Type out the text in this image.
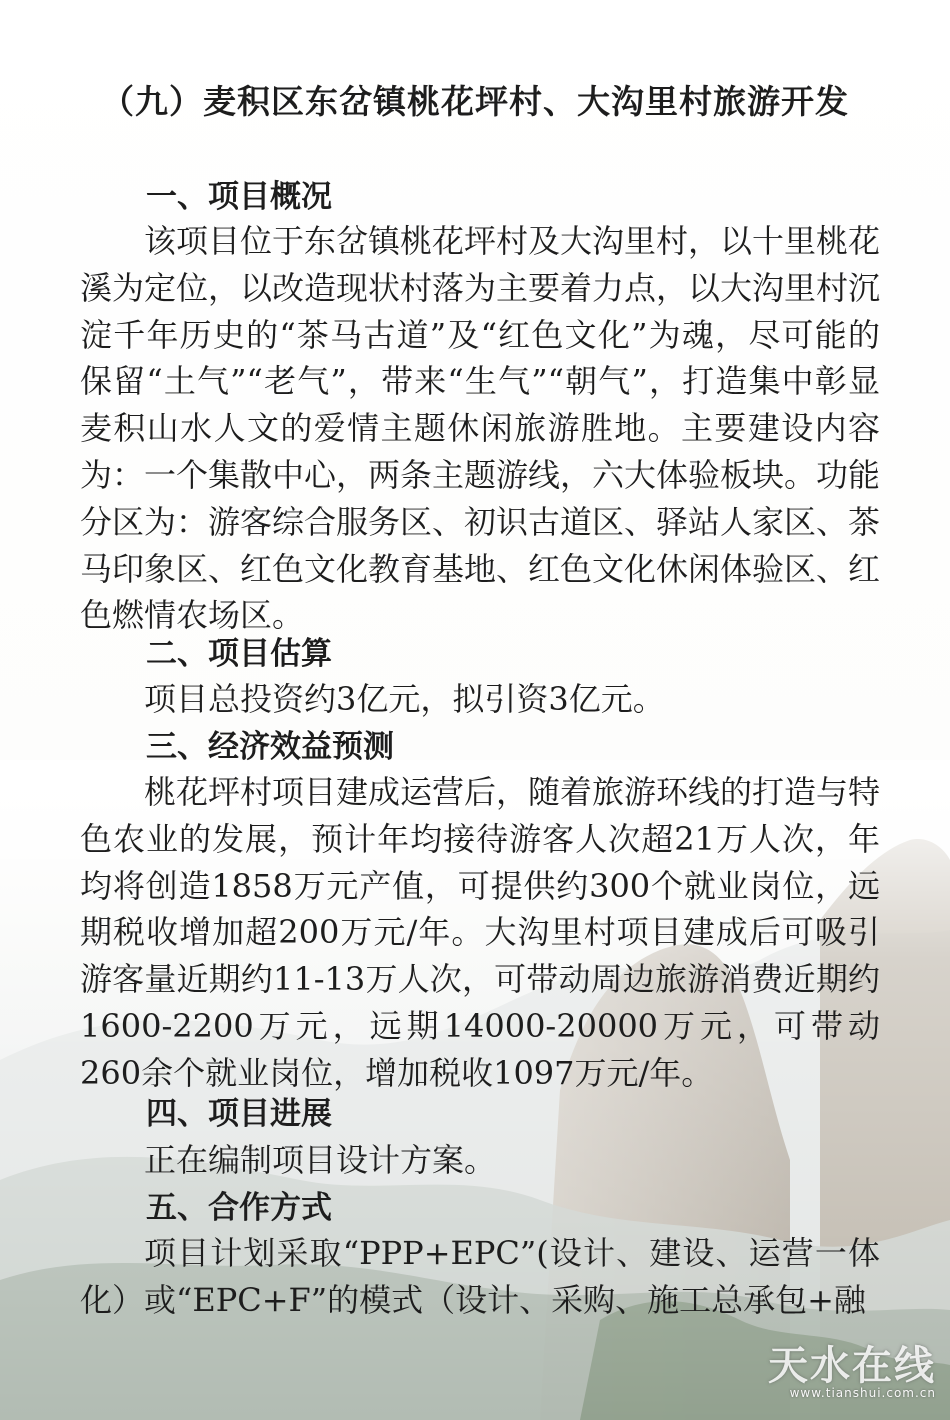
（九）麦积区东岔镇桃花坪村、大沟里村旅游开发
一、项目概况

该项目位于东岔镇桃花坪村及大沟里村，以十里桃花溪为定位，以改造现状村落为主要着力点，以大沟里村沉淀千年历史的“茶马古道”及“红色文化”为魂，尽可能的保留“土气”“老气”，带来“生气”“朝气”，打造集中彰显麦积山水人文的爱情主题休闲旅游胜地。主要建设内容为：一个集散中心，两条主题游线，六大体验板块。功能分区为：游客综合服务区、初识古道区、驿站人家区、茶马印象区、红色文化教育基地、红色文化休闲体验区、红色燃情农场区。

二、项目估算

项目总投资约3亿元，拟引资3亿元。

三、经济效益预测

桃花坪村项目建成运营后，随着旅游环线的打造与特色农业的发展，预计年均接待游客人次超21万人次，年均将创造1858万元产值，可提供约300个就业岗位，远期税收增加超200万元/年。大沟里村项目建成后可吸引游客量近期约11-13万人次，可带动周边旅游消费近期约1600-2200万元，远期14000-20000万元，可带动260余个就业岗位，增加税收1097万元/年。

四、项目进展

正在编制项目设计方案。

五、合作方式

项目计划采取“PPP+EPC”(设计、建设、运营一体化）或“EPC+F”的模式（设计、采购、施工总承包+融

天水在线
www.tianshui.com.cn
